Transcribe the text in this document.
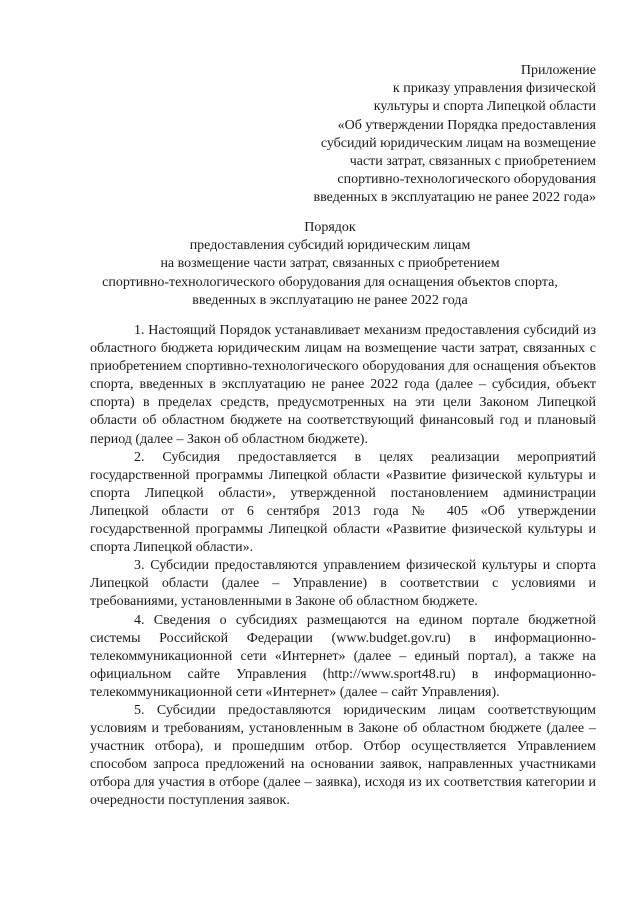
Приложение
к приказу управления физической
культуры и спорта Липецкой области
«Об утверждении Порядка предоставления
субсидий юридическим лицам на возмещение
части затрат, связанных с приобретением
спортивно-технологического оборудования
введенных в эксплуатацию не ранее 2022 года»
Порядок
предоставления субсидий юридическим лицам
на возмещение части затрат, связанных с приобретением
спортивно-технологического оборудования для оснащения объектов спорта,
введенных в эксплуатацию не ранее 2022 года

1. Настоящий Порядок устанавливает механизм предоставления субсидий из областного бюджета юридическим лицам на возмещение части затрат, связанных с приобретением спортивно-технологического оборудования для оснащения объектов спорта, введенных в эксплуатацию не ранее 2022 года (далее – субсидия, объект спорта) в пределах средств, предусмотренных на эти цели Законом Липецкой области об областном бюджете на соответствующий финансовый год и плановый период (далее – Закон об областном бюджете).

2. Субсидия предоставляется в целях реализации мероприятий государственной программы Липецкой области «Развитие физической культуры и спорта Липецкой области», утвержденной постановлением администрации Липецкой области от 6 сентября 2013 года № 405 «Об утверждении государственной программы Липецкой области «Развитие физической культуры и спорта Липецкой области».

3. Субсидии предоставляются управлением физической культуры и спорта Липецкой области (далее – Управление) в соответствии с условиями и требованиями, установленными в Законе об областном бюджете.

4. Сведения о субсидиях размещаются на едином портале бюджетной системы Российской Федерации (www.budget.gov.ru) в информационно-телекоммуникационной сети «Интернет» (далее – единый портал), а также на официальном сайте Управления (http://www.sport48.ru) в информационно-телекоммуникационной сети «Интернет» (далее – сайт Управления).

5. Субсидии предоставляются юридическим лицам соответствующим условиям и требованиям, установленным в Законе об областном бюджете (далее – участник отбора), и прошедшим отбор. Отбор осуществляется Управлением способом запроса предложений на основании заявок, направленных участниками отбора для участия в отборе (далее – заявка), исходя из их соответствия категории и очередности поступления заявок.
